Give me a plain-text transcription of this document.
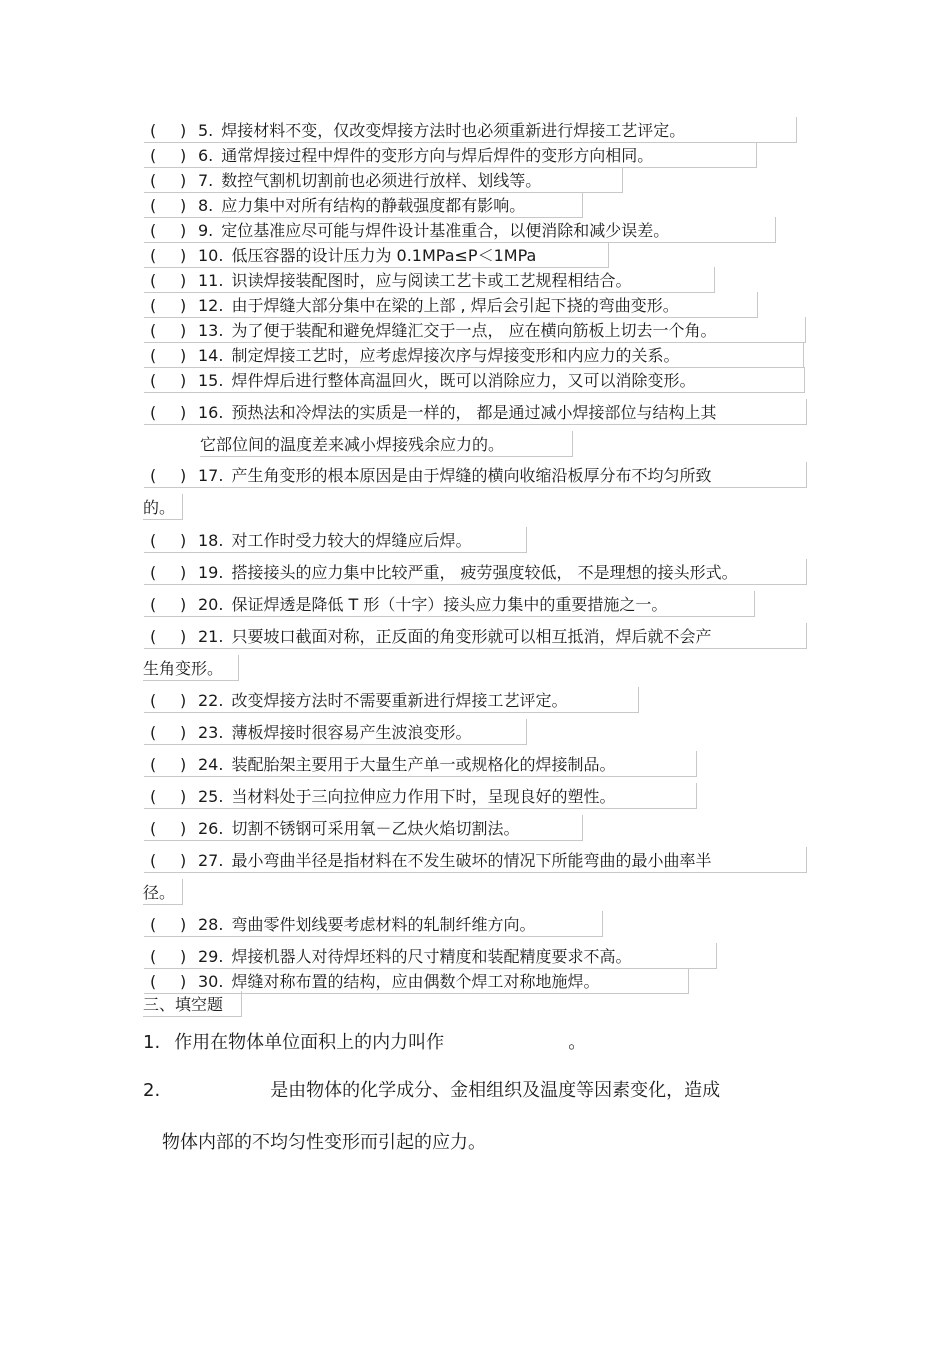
( ) 5. 焊接材料不变，仅改变焊接方法时也必须重新进行焊接工艺评定。
( ) 6. 通常焊接过程中焊件的变形方向与焊后焊件的变形方向相同。
( ) 7. 数控气割机切割前也必须进行放样、划线等。
( ) 8. 应力集中对所有结构的静载强度都有影响。
( ) 9. 定位基准应尽可能与焊件设计基准重合，以便消除和减少误差。
( ) 10. 低压容器的设计压力为 0.1MPa≤P＜1MPa
( ) 11. 识读焊接装配图时，应与阅读工艺卡或工艺规程相结合。
( ) 12. 由于焊缝大部分集中在梁的上部 , 焊后会引起下挠的弯曲变形。
( ) 13. 为了便于装配和避免焊缝汇交于一点， 应在横向筋板上切去一个角。
( ) 14. 制定焊接工艺时，应考虑焊接次序与焊接变形和内应力的关系。
( ) 15. 焊件焊后进行整体高温回火，既可以消除应力，又可以消除变形。
( ) 16. 预热法和冷焊法的实质是一样的， 都是通过减小焊接部位与结构上其
它部位间的温度差来减小焊接残余应力的。
( ) 17. 产生角变形的根本原因是由于焊缝的横向收缩沿板厚分布不均匀所致
的。
( ) 18. 对工作时受力较大的焊缝应后焊。
( ) 19. 搭接接头的应力集中比较严重， 疲劳强度较低， 不是理想的接头形式。
( ) 20. 保证焊透是降低 T 形（十字）接头应力集中的重要措施之一。
( ) 21. 只要坡口截面对称，正反面的角变形就可以相互抵消，焊后就不会产
生角变形。
( ) 22. 改变焊接方法时不需要重新进行焊接工艺评定。
( ) 23. 薄板焊接时很容易产生波浪变形。
( ) 24. 装配胎架主要用于大量生产单一或规格化的焊接制品。
( ) 25. 当材料处于三向拉伸应力作用下时，呈现良好的塑性。
( ) 26. 切割不锈钢可采用氧－乙炔火焰切割法。
( ) 27. 最小弯曲半径是指材料在不发生破坏的情况下所能弯曲的最小曲率半
径。
( ) 28. 弯曲零件划线要考虑材料的轧制纤维方向。
( ) 29. 焊接机器人对待焊坯料的尺寸精度和装配精度要求不高。
( ) 30. 焊缝对称布置的结构，应由偶数个焊工对称地施焊。
三、填空题
1. 作用在物体单位面积上的内力叫作	。
2.	是由物体的化学成分、金相组织及温度等因素变化，造成
物体内部的不均匀性变形而引起的应力。
